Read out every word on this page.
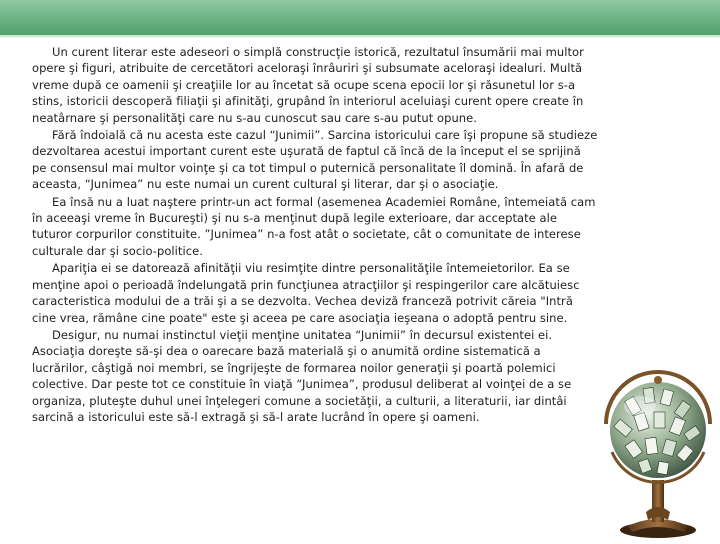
Un curent literar este adeseori o simplă construcţie istorică, rezultatul însumării mai multor opere şi figuri, atribuite de cercetători aceloraşi înrâuriri şi subsumate aceloraşi idealuri. Multă vreme după ce oamenii şi creaţiile lor au încetat să ocupe scena epocii lor şi răsunetul lor s-a stins, istoricii descoperă filiaţii şi afinităţi, grupând în interiorul aceluiaşi curent opere create în neatârnare şi personalităţi care nu s-au cunoscut sau care s-au putut opune.

Fără îndoială că nu acesta este cazul “Junimii”. Sarcina istoricului care îşi propune să studieze dezvoltarea acestui important curent este uşurată de faptul că încă de la început el se sprijină pe consensul mai multor voinţe şi ca tot timpul o puternică personalitate îl domină. În afară de aceasta, “Junimea” nu este numai un curent cultural şi literar, dar şi o asociaţie.

Ea însă nu a luat naştere printr-un act formal (asemenea Academiei Române, întemeiată cam în aceeaşi vreme în Bucureşti) şi nu s-a menţinut după legile exterioare, dar acceptate ale tuturor corpurilor constituite. ”Junimea” n-a fost atât o societate, cât o comunitate de interese culturale dar şi socio-politice.

Apariţia ei se datorează afinităţii viu resimţite dintre personalităţile întemeietorilor. Ea se menţine apoi o perioadă îndelungată prin funcţiunea atracţiilor şi respingerilor care alcătuiesc caracteristica modului de a trăi şi a se dezvolta. Vechea deviză franceză potrivit căreia "Intră cine vrea, rămâne cine poate" este şi aceea pe care asociaţia ieşeana o adoptă pentru sine.

Desigur, nu numai instinctul vieţii menţine unitatea “Junimii” în decursul existentei ei. Asociaţia doreşte să-şi dea o oarecare bază materială şi o anumită ordine sistematică a lucrărilor, câştigă noi membri, se îngrijeşte de formarea noilor generaţii şi poartă polemici colective. Dar peste tot ce constituie în viaţă “Junimea”, produsul deliberat al voinţei de a se organiza, pluteşte duhul unei înţelegeri comune a societăţii, a culturii, a literaturii, iar dintâi sarcină a istoricului este să-l extragă şi să-l arate lucrând în opere şi oameni.
